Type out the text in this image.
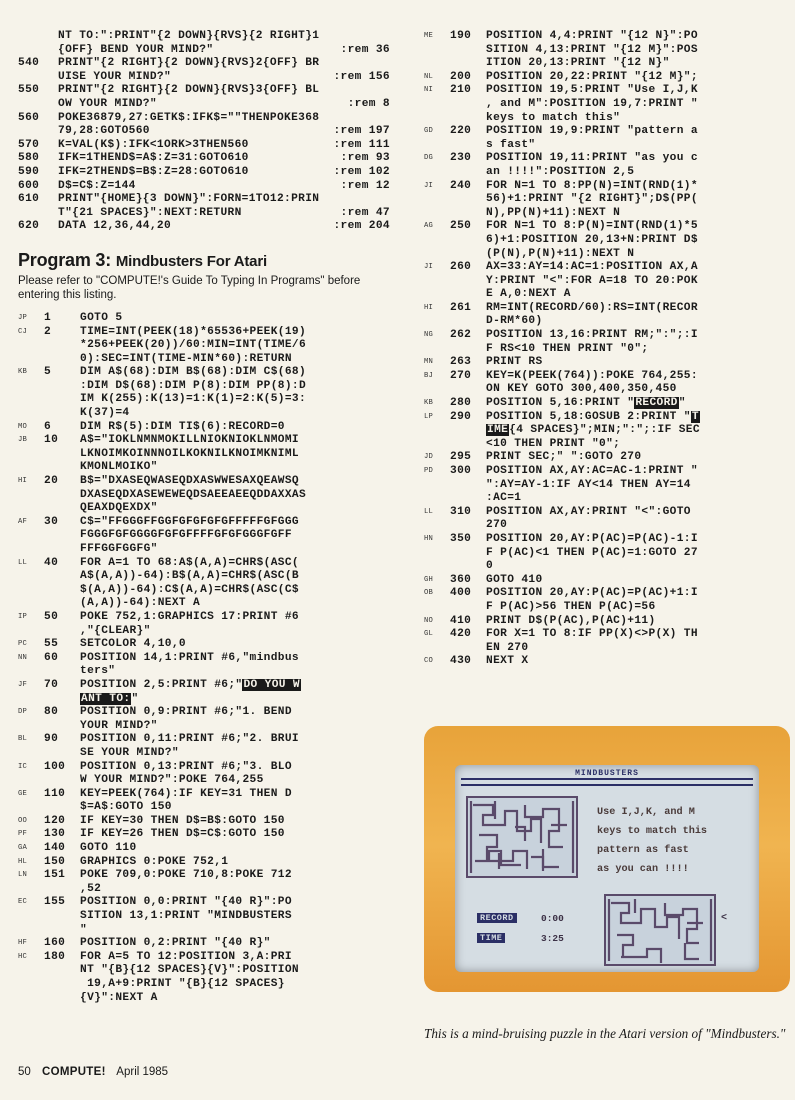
NT TO:":PRINT"{2 DOWN}{RVS}{2 RIGHT}1
{OFF} BEND YOUR MIND?"	:rem 36
540	PRINT"{2 RIGHT}{2 DOWN}{RVS}2{OFF} BR
UISE YOUR MIND?"	:rem 156
550	PRINT"{2 RIGHT}{2 DOWN}{RVS}3{OFF} BL
OW YOUR MIND?"	:rem 8
560	POKE36879,27:GETK$:IFK$=""THENPOKE368
79,28:GOTO560	:rem 197
570	K=VAL(K$):IFK<1ORK>3THEN560	:rem 111
580	IFK=1THEND$=A$:Z=31:GOTO610	:rem 93
590	IFK=2THEND$=B$:Z=28:GOTO610	:rem 102
600	D$=C$:Z=144	:rem 12
610	PRINT"{HOME}{3 DOWN}":FORN=1TO12:PRIN
T"{21 SPACES}":NEXT:RETURN	:rem 47
620	DATA 12,36,44,20	:rem 204
Program 3: Mindbusters For Atari
Please refer to "COMPUTE!'s Guide To Typing In Programs" before entering this listing.
JP	1	GOTO 5
CJ	2	TIME=INT(PEEK(18)*65536+PEEK(19)
*256+PEEK(20))/60:MIN=INT(TIME/6
0):SEC=INT(TIME-MIN*60):RETURN
KB	5	DIM A$(68):DIM B$(68):DIM C$(68)
:DIM D$(68):DIM P(8):DIM PP(8):D
IM K(255):K(13)=1:K(1)=2:K(5)=3:
K(37)=4
MO	6	DIM R$(5):DIM TI$(6):RECORD=0
JB	10	A$="IOKLNMNMOKILLNIOKNIOKLNMOMI
LKNOIMKOINNNOILKOKNILKNOIMKNIML
KMONLMOIKO"
HI	20	B$="DXASEQWASEQDXASWWESAXQEAWSQ
DXASEQDXASEWEWEQDSAEEAEEQDDAXXAS
QEAXDQEXDX"
AF	30	C$="FFGGGFFGGFGFGFGFGFFFFFGFGGG
FGGGFGFGGGGFGFGFFFFGFGFGGGFGFF
FFFGGFGGFG"
LL	40	FOR A=1 TO 68:A$(A,A)=CHR$(ASC(
A$(A,A))-64):B$(A,A)=CHR$(ASC(B
$(A,A))-64):C$(A,A)=CHR$(ASC(C$
(A,A))-64):NEXT A
IP	50	POKE 752,1:GRAPHICS 17:PRINT #6
,"{CLEAR}"
PC	55	SETCOLOR 4,10,0
NN	60	POSITION 14,1:PRINT #6,"mindbus
ters"
JF	70	POSITION 2,5:PRINT #6;"DO YOU W
ANT TO:"
DP	80	POSITION 0,9:PRINT #6;"1. BEND
YOUR MIND?"
BL	90	POSITION 0,11:PRINT #6;"2. BRUI
SE YOUR MIND?"
IC	100	POSITION 0,13:PRINT #6;"3. BLO
W YOUR MIND?":POKE 764,255
GE	110	KEY=PEEK(764):IF KEY=31 THEN D
$=A$:GOTO 150
OO	120	IF KEY=30 THEN D$=B$:GOTO 150
PF	130	IF KEY=26 THEN D$=C$:GOTO 150
GA	140	GOTO 110
HL	150	GRAPHICS 0:POKE 752,1
LN	151	POKE 709,0:POKE 710,8:POKE 712
,52
EC	155	POSITION 0,0:PRINT "{40 R}":PO
SITION 13,1:PRINT "MINDBUSTERS
"
HF	160	POSITION 0,2:PRINT "{40 R}"
HC	180	FOR A=5 TO 12:POSITION 3,A:PRI
NT "{B}{12 SPACES}{V}":POSITION
19,A+9:PRINT "{B}{12 SPACES}
{V}":NEXT A
ME	190	POSITION 4,4:PRINT "{12 N}":PO
SITION 4,13:PRINT "{12 M}":POS
ITION 20,13:PRINT "{12 N}"
NL	200	POSITION 20,22:PRINT "{12 M}";
NI	210	POSITION 19,5:PRINT "Use I,J,K
, and M":POSITION 19,7:PRINT "
keys to match this"
GD	220	POSITION 19,9:PRINT "pattern a
s fast"
DG	230	POSITION 19,11:PRINT "as you c
an !!!!":POSITION 2,5
JI	240	FOR N=1 TO 8:PP(N)=INT(RND(1)*
56)+1:PRINT "{2 RIGHT}";D$(PP(
N),PP(N)+11):NEXT N
AG	250	FOR N=1 TO 8:P(N)=INT(RND(1)*5
6)+1:POSITION 20,13+N:PRINT D$
(P(N),P(N)+11):NEXT N
JI	260	AX=33:AY=14:AC=1:POSITION AX,A
Y:PRINT "<":FOR A=18 TO 20:POK
E A,0:NEXT A
HI	261	RM=INT(RECORD/60):RS=INT(RECOR
D-RM*60)
NG	262	POSITION 13,16:PRINT RM;":";:I
F RS<10 THEN PRINT "0";
MN	263	PRINT RS
BJ	270	KEY=K(PEEK(764)):POKE 764,255:
ON KEY GOTO 300,400,350,450
KB	280	POSITION 5,16:PRINT "RECORD"
LP	290	POSITION 5,18:GOSUB 2:PRINT "T
IME{4 SPACES}";MIN;":";:IF SEC
<10 THEN PRINT "0";
JD	295	PRINT SEC;" ":GOTO 270
PD	300	POSITION AX,AY:AC=AC-1:PRINT "
":AY=AY-1:IF AY<14 THEN AY=14
:AC=1
LL	310	POSITION AX,AY:PRINT "<":GOTO
270
HN	350	POSITION 20,AY:P(AC)=P(AC)-1:I
F P(AC)<1 THEN P(AC)=1:GOTO 27
0
GH	360	GOTO 410
OB	400	POSITION 20,AY:P(AC)=P(AC)+1:I
F P(AC)>56 THEN P(AC)=56
NO	410	PRINT D$(P(AC),P(AC)+11)
GL	420	FOR X=1 TO 8:IF PP(X)<>P(X) TH
EN 270
CO	430	NEXT X
MINDBUSTERS
Use I,J,K, and M
keys to match this
pattern as fast
as you can !!!!
RECORD	0:00
TIME	3:25
<
This is a mind-bruising puzzle in the Atari version of "Mindbusters."
50 COMPUTE! April 1985
